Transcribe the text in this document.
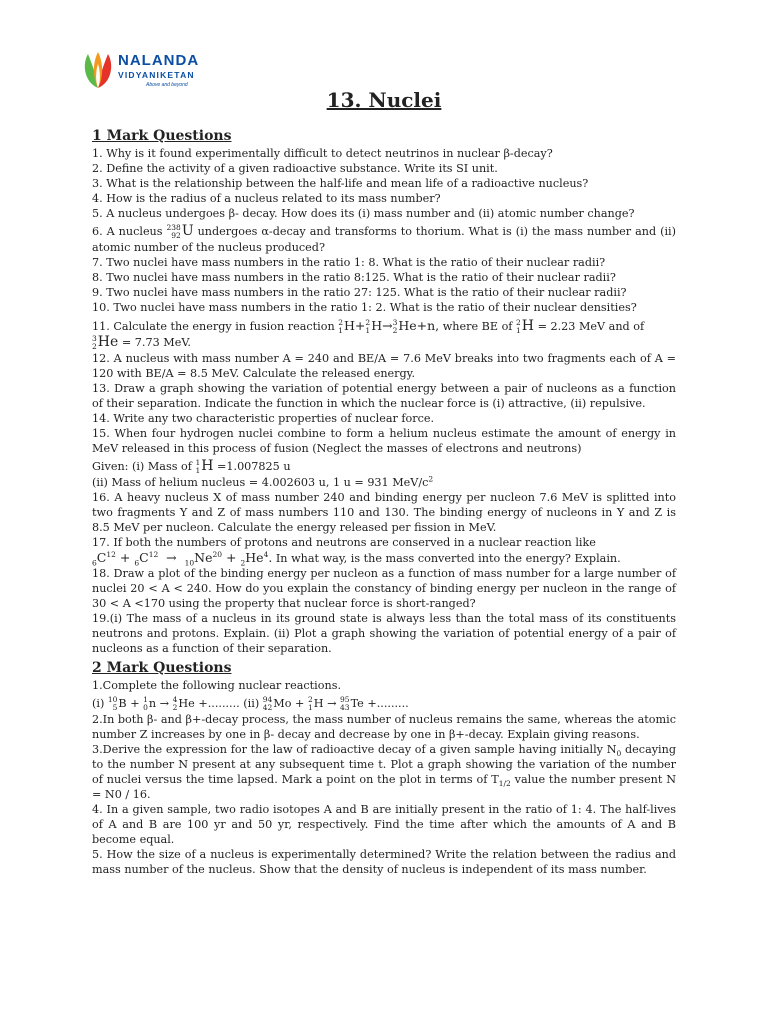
NALANDA
VIDYANIKETAN
Above and beyond
13. Nuclei
1 Mark Questions

1. Why is it found experimentally difficult to detect neutrinos in nuclear β-decay?

2. Define the activity of a given radioactive substance. Write its SI unit.

3. What is the relationship between the half-life and mean life of a radioactive nucleus?

4. How is the radius of a nucleus related to its mass number?

5. A nucleus undergoes β- decay. How does its (i) mass number and (ii) atomic number change?

6. A nucleus 238
92 U undergoes α-decay and transforms to thorium. What is (i) the mass number and (ii) atomic number of the nucleus produced?

7. Two nuclei have mass numbers in the ratio 1: 8. What is the ratio of their nuclear radii?

8. Two nuclei have mass numbers in the ratio 8:125. What is the ratio of their nuclear radii?

9. Two nuclei have mass numbers in the ratio 27: 125. What is the ratio of their nuclear radii?

10. Two nuclei have mass numbers in the ratio 1: 2. What is the ratio of their nuclear densities?

11. Calculate the energy in fusion reaction 2
1 H+ 2
1 H→ 3
2 He+n, where BE of 2
1 H = 2.23 MeV and of

3
2 He = 7.73 MeV.

12. A nucleus with mass number A = 240 and BE/A = 7.6 MeV breaks into two fragments each of A = 120 with BE/A = 8.5 MeV. Calculate the released energy.

13. Draw a graph showing the variation of potential energy between a pair of nucleons as a function of their separation. Indicate the function in which the nuclear force is (i) attractive, (ii) repulsive.

14. Write any two characteristic properties of nuclear force.

15. When four hydrogen nuclei combine to form a helium nucleus estimate the amount of energy in MeV released in this process of fusion (Neglect the masses of electrons and neutrons)

Given: (i) Mass of 1
1 H =1.007825 u

(ii) Mass of helium nucleus = 4.002603 u, 1 u = 931 MeV/$c^2$

16. A heavy nucleus X of mass number 240 and binding energy per nucleon 7.6 MeV is splitted into two fragments Y and Z of mass numbers 110 and 130. The binding energy of nucleons in Y and Z is 8.5 MeV per nucleon. Calculate the energy released per fission in MeV.

17. If both the numbers of protons and neutrons are conserved in a nuclear reaction like
$_6C^{12} + _6C^{12} \to _{10}Ne^{20} + _2He^4$. In what way, is the mass converted into the energy? Explain.

18. Draw a plot of the binding energy per nucleon as a function of mass number for a large number of nuclei 20 < A < 240. How do you explain the constancy of binding energy per nucleon in the range of 30 < A <170 using the property that nuclear force is short-ranged?

19.(i) The mass of a nucleus in its ground state is always less than the total mass of its constituents neutrons and protons. Explain. (ii) Plot a graph showing the variation of potential energy of a pair of nucleons as a function of their separation.

2 Mark Questions

1.Complete the following nuclear reactions.

(i) 10
5 B + 1
0 n → 4
2 He +......... (ii) 94
42 Mo + 2
1 H → 95
43 Te +.........

2.In both β- and β+-decay process, the mass number of nucleus remains the same, whereas the atomic number Z increases by one in β- decay and decrease by one in β+-decay. Explain giving reasons.

3.Derive the expression for the law of radioactive decay of a given sample having initially $N_0$ decaying to the number N present at any subsequent time t. Plot a graph showing the variation of the number of nuclei versus the time lapsed. Mark a point on the plot in terms of $T_{1/2}$ value the number present N = N0 / 16.

4. In a given sample, two radio isotopes A and B are initially present in the ratio of 1: 4. The half-lives of A and B are 100 yr and 50 yr, respectively. Find the time after which the amounts of A and B become equal.

5. How the size of a nucleus is experimentally determined? Write the relation between the radius and mass number of the nucleus. Show that the density of nucleus is independent of its mass number.
